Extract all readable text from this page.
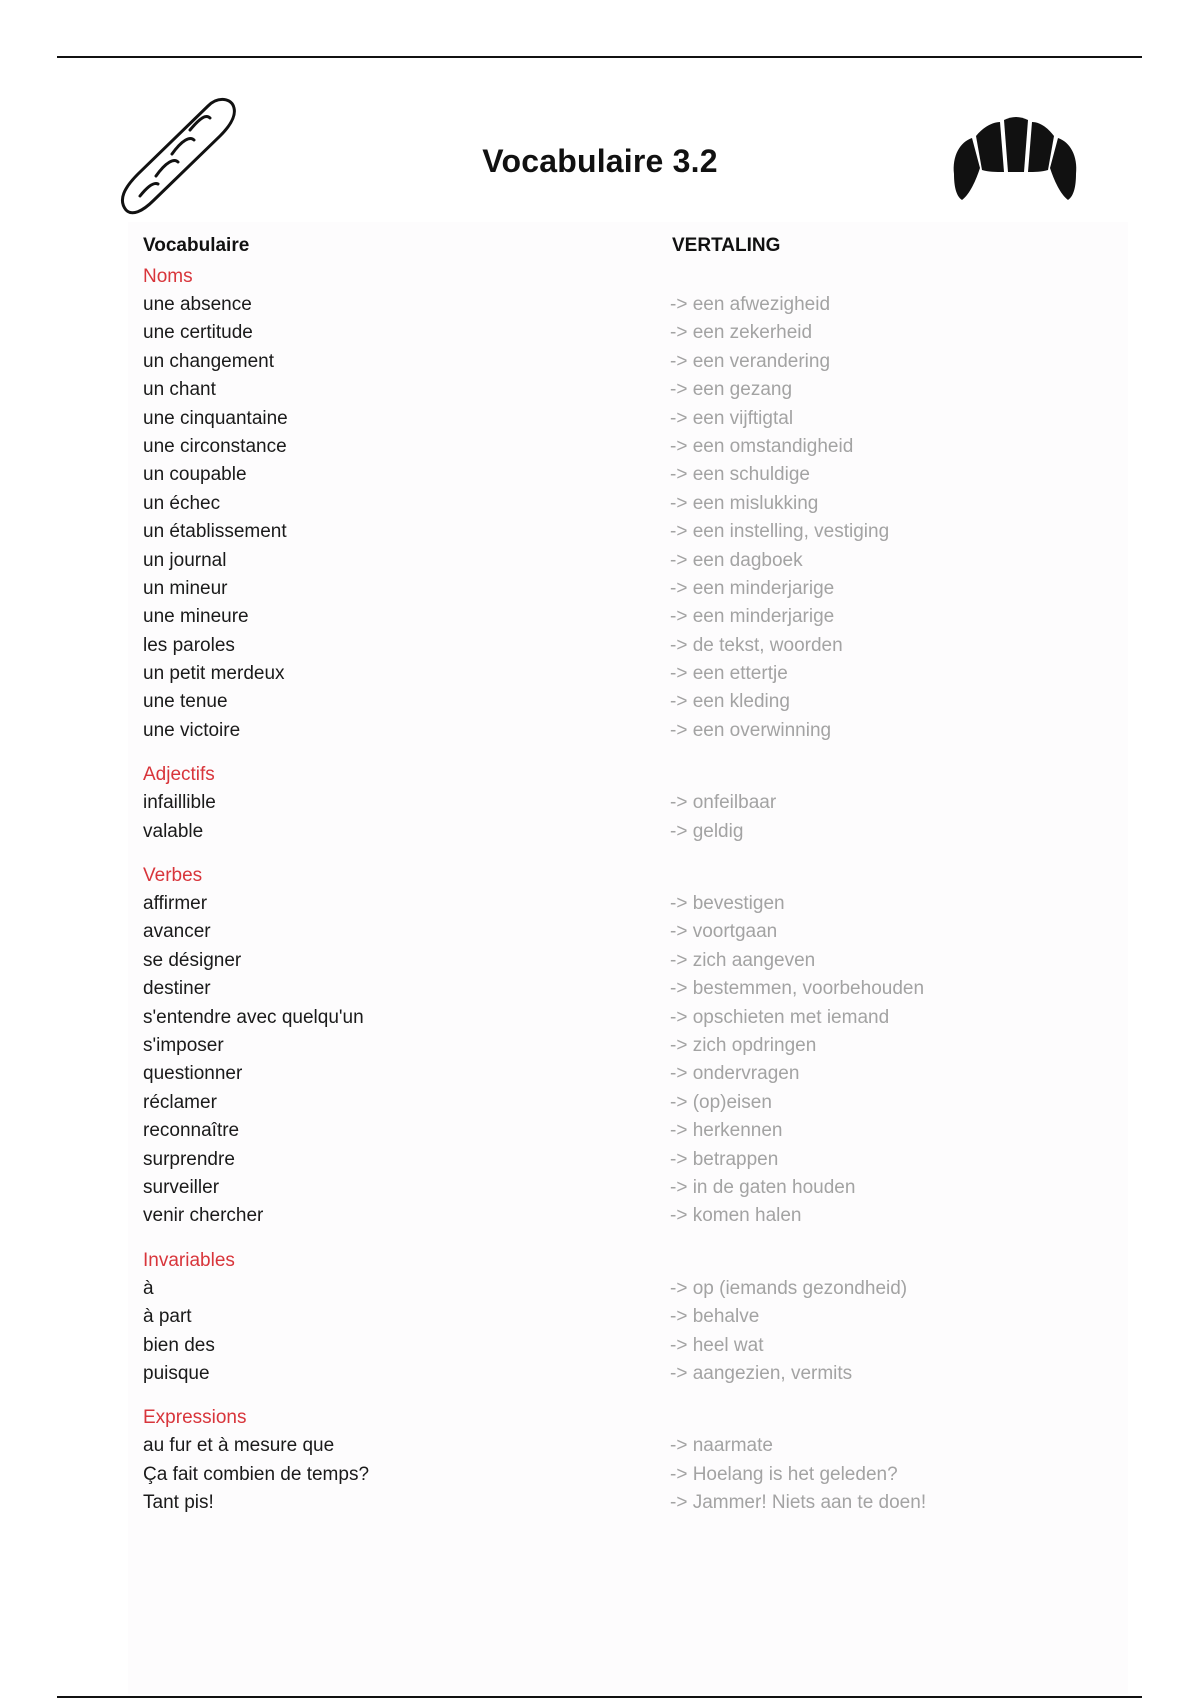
Vocabulaire 3.2
Vocabulaire	VERTALING
Noms
une absence	-> een afwezigheid
une certitude	-> een zekerheid
un changement	-> een verandering
un chant	-> een gezang
une cinquantaine	-> een vijftigtal
une circonstance	-> een omstandigheid
un coupable	-> een schuldige
un échec	-> een mislukking
un établissement	-> een instelling, vestiging
un journal	-> een dagboek
un mineur	-> een minderjarige
une mineure	-> een minderjarige
les paroles	-> de tekst, woorden
un petit merdeux	-> een ettertje
une tenue	-> een kleding
une victoire	-> een overwinning
Adjectifs
infaillible	-> onfeilbaar
valable	-> geldig
Verbes
affirmer	-> bevestigen
avancer	-> voortgaan
se désigner	-> zich aangeven
destiner	-> bestemmen, voorbehouden
s'entendre avec quelqu'un	-> opschieten met iemand
s'imposer	-> zich opdringen
questionner	-> ondervragen
réclamer	-> (op)eisen
reconnaître	-> herkennen
surprendre	-> betrappen
surveiller	-> in de gaten houden
venir chercher	-> komen halen
Invariables
à	-> op (iemands gezondheid)
à part	-> behalve
bien des	-> heel wat
puisque	-> aangezien, vermits
Expressions
au fur et à mesure que	-> naarmate
Ça fait combien de temps?	-> Hoelang is het geleden?
Tant pis!	-> Jammer! Niets aan te doen!
